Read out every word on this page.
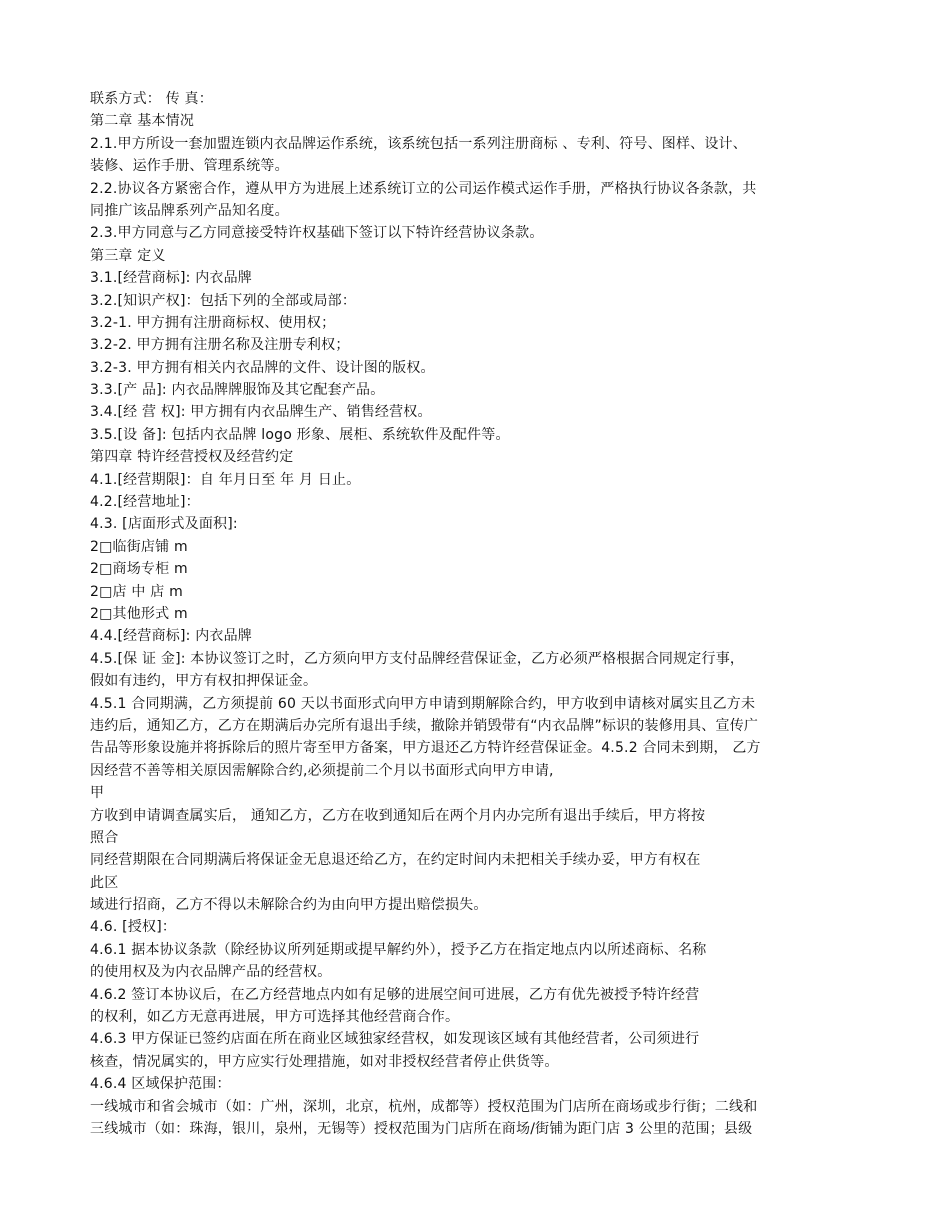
联系方式： 传 真：
第二章 基本情况
2.1.甲方所设一套加盟连锁内衣品牌运作系统，该系统包括一系列注册商标 、专利、符号、图样、设计、
装修、运作手册、管理系统等。
2.2.协议各方紧密合作，遵从甲方为进展上述系统订立的公司运作模式运作手册，严格执行协议各条款，共
同推广该品牌系列产品知名度。
2.3.甲方同意与乙方同意接受特许权基础下签订以下特许经营协议条款。
第三章 定义
3.1.[经营商标]: 内衣品牌
3.2.[知识产权]：包括下列的全部或局部：
3.2-1. 甲方拥有注册商标权、使用权；
3.2-2. 甲方拥有注册名称及注册专利权；
3.2-3. 甲方拥有相关内衣品牌的文件、设计图的版权。
3.3.[产 品]: 内衣品牌牌服饰及其它配套产品。
3.4.[经 营 权]: 甲方拥有内衣品牌生产、销售经营权。
3.5.[设 备]: 包括内衣品牌 logo 形象、展柜、系统软件及配件等。
第四章 特许经营授权及经营约定
4.1.[经营期限]：自 年月日至 年 月 日止。
4.2.[经营地址]：
4.3. [店面形式及面积]:
2□临街店铺 m
2□商场专柜 m
2□店 中 店 m
2□其他形式 m
4.4.[经营商标]: 内衣品牌
4.5.[保 证 金]: 本协议签订之时，乙方须向甲方支付品牌经营保证金，乙方必须严格根据合同规定行事，
假如有违约，甲方有权扣押保证金。
4.5.1 合同期满，乙方须提前 60 天以书面形式向甲方申请到期解除合约，甲方收到申请核对属实且乙方未
违约后，通知乙方，乙方在期满后办完所有退出手续，撤除并销毁带有“内衣品牌”标识的装修用具、宣传广
告品等形象设施并将拆除后的照片寄至甲方备案，甲方退还乙方特许经营保证金。4.5.2 合同未到期， 乙方
因经营不善等相关原因需解除合约,必须提前二个月以书面形式向甲方申请,
甲
方收到申请调查属实后， 通知乙方，乙方在收到通知后在两个月内办完所有退出手续后，甲方将按
照合
同经营期限在合同期满后将保证金无息退还给乙方，在约定时间内未把相关手续办妥，甲方有权在
此区
域进行招商，乙方不得以未解除合约为由向甲方提出赔偿损失。
4.6. [授权]：
4.6.1 据本协议条款（除经协议所列延期或提早解约外），授予乙方在指定地点内以所述商标、名称
的使用权及为内衣品牌产品的经营权。
4.6.2 签订本协议后，在乙方经营地点内如有足够的进展空间可进展，乙方有优先被授予特许经营
的权利，如乙方无意再进展，甲方可选择其他经营商合作。
4.6.3 甲方保证已签约店面在所在商业区域独家经营权，如发现该区域有其他经营者，公司须进行
核查，情况属实的，甲方应实行处理措施，如对非授权经营者停止供货等。
4.6.4 区域保护范围：
一线城市和省会城市（如：广州，深圳，北京，杭州，成都等）授权范围为门店所在商场或步行街；二线和
三线城市（如：珠海，银川，泉州，无锡等）授权范围为门店所在商场/街铺为距门店 3 公里的范围；县级
